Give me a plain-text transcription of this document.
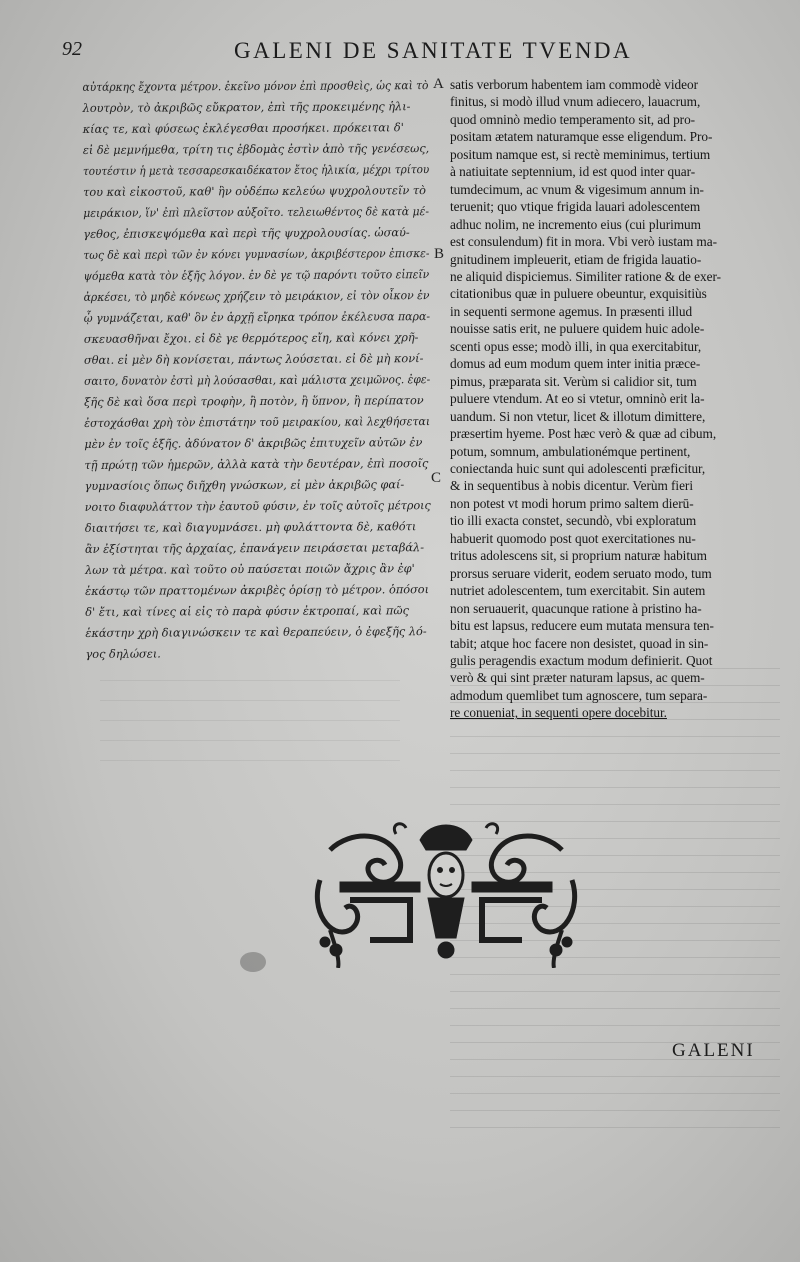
92	GALENI DE SANITATE TVENDA

αὐτάρκης ἔχοντα μέτρον. ἐκεῖνο μόνον ἐπὶ προσθεὶς, ὡς καὶ τὸ

λουτρὸν, τὸ ἀκριβῶς εὔκρατον, ἐπὶ τῆς προκειμένης ἡλι-

κίας τε, καὶ φύσεως ἐκλέγεσθαι προσήκει. πρόκειται δ'

εἰ δὲ μεμνήμεθα, τρίτη τις ἑβδομὰς ἐστὶν ἀπὸ τῆς γενέσεως,

τουτέστιν ἡ μετὰ τεσσαρεσκαιδέκατον ἔτος ἡλικία, μέχρι τρίτου

του καὶ εἰκοστοῦ, καθ' ἣν οὐδέπω κελεύω ψυχρολουτεῖν τὸ

μειράκιον, ἵν' ἐπὶ πλεῖστον αὐξοῖτο. τελειωθέντος δὲ κατὰ μέ-

γεθος, ἐπισκεψόμεθα καὶ περὶ τῆς ψυχρολουσίας. ὡσαύ-

τως δὲ καὶ περὶ τῶν ἐν κόνει γυμνασίων, ἀκριβέστερον ἐπισκε-

ψόμεθα κατὰ τὸν ἑξῆς λόγον. ἐν δὲ γε τῷ παρόντι τοῦτο εἰπεῖν

ἀρκέσει, τὸ μηδὲ κόνεως χρήζειν τὸ μειράκιον, εἰ τὸν οἶκον ἐν

ᾧ γυμνάζεται, καθ' ὃν ἐν ἀρχῇ εἴρηκα τρόπον ἐκέλευσα παρα-

σκευασθῆναι ἔχοι. εἰ δὲ γε θερμότερος εἴη, καὶ κόνει χρῆ-

σθαι. εἰ μὲν δὴ κονίσεται, πάντως λούσεται. εἰ δὲ μὴ κονί-

σαιτο, δυνατὸν ἐστὶ μὴ λούσασθαι, καὶ μάλιστα χειμῶνος. ἐφε-

ξῆς δὲ καὶ ὅσα περὶ τροφὴν, ἢ ποτὸν, ἢ ὕπνον, ἢ περίπατον

ἐστοχάσθαι χρὴ τὸν ἐπιστάτην τοῦ μειρακίου, καὶ λεχθήσεται

μὲν ἐν τοῖς ἑξῆς. ἀδύνατον δ' ἀκριβῶς ἐπιτυχεῖν αὐτῶν ἐν

τῇ πρώτῃ τῶν ἡμερῶν, ἀλλὰ κατὰ τὴν δευτέραν, ἐπὶ ποσοῖς

γυμνασίοις ὅπως διῆχθη γνώσκων, εἰ μὲν ἀκριβῶς φαί-

νοιτο διαφυλάττον τὴν ἑαυτοῦ φύσιν, ἐν τοῖς αὐτοῖς μέτροις

διαιτήσει τε, καὶ διαγυμνάσει. μὴ φυλάττοντα δὲ, καθότι

ἂν ἐξίστηται τῆς ἀρχαίας, ἐπανάγειν πειράσεται μεταβάλ-

λων τὰ μέτρα. καὶ τοῦτο οὐ παύσεται ποιῶν ἄχρις ἂν ἐφ'

ἑκάστῳ τῶν πραττομένων ἀκριβὲς ὁρίσῃ τὸ μέτρον. ὁπόσοι

δ' ἔτι, καὶ τίνες αἱ εἰς τὸ παρὰ φύσιν ἐκτροπαί, καὶ πῶς

ἑκάστην χρὴ διαγινώσκειν τε καὶ θεραπεύειν, ὁ ἐφεξῆς λό-

γος δηλώσει.

A
B
C

satis verborum habentem iam commodè videor

finitus, si modò illud vnum adiecero, lauacrum,

quod omninò medio temperamento sit, ad pro-

positam ætatem naturamque esse eligendum. Pro-

positum namque est, si rectè meminimus, tertium

à natiuitate septennium, id est quod inter quar-

tumdecimum, ac vnum & vigesimum annum in-

teruenit; quo vtique frigida lauari adolescentem

adhuc nolim, ne incremento eius (cui plurimum

est consulendum) fit in mora. Vbi verò iustam ma-

gnitudinem impleuerit, etiam de frigida lauatio-

ne aliquid dispiciemus. Similiter ratione & de exer-

citationibus quæ in puluere obeuntur, exquisitiùs

in sequenti sermone agemus. In præsenti illud

nouisse satis erit, ne puluere quidem huic adole-

scenti opus esse; modò illi, in qua exercitabitur,

domus ad eum modum quem inter initia præce-

pimus, præparata sit. Verùm si calidior sit, tum

puluere vtendum. At eo si vtetur, omninò erit la-

uandum. Si non vtetur, licet & illotum dimittere,

præsertim hyeme. Post hæc verò & quæ ad cibum,

potum, somnum, ambulationémque pertinent,

coniectanda huic sunt qui adolescenti præficitur,

& in sequentibus à nobis dicentur. Verùm fieri

non potest vt modi horum primo saltem dierū-

tio illi exacta constet, secundò, vbi exploratum

habuerit quomodo post quot exercitationes nu-

tritus adolescens sit, si proprium naturæ habitum

prorsus seruare viderit, eodem seruato modo, tum

nutriet adolescentem, tum exercitabit. Sin autem

non seruauerit, quacunque ratione à pristino ha-

bitu est lapsus, reducere eum mutata mensura ten-

tabit; atque hoc facere non desistet, quoad in sin-

gulis peragendis exactum modum definierit. Quot

verò & qui sint præter naturam lapsus, ac quem-

admodum quemlibet tum agnoscere, tum separa-

re conueniat, in sequenti opere docebitur.

GALENI
